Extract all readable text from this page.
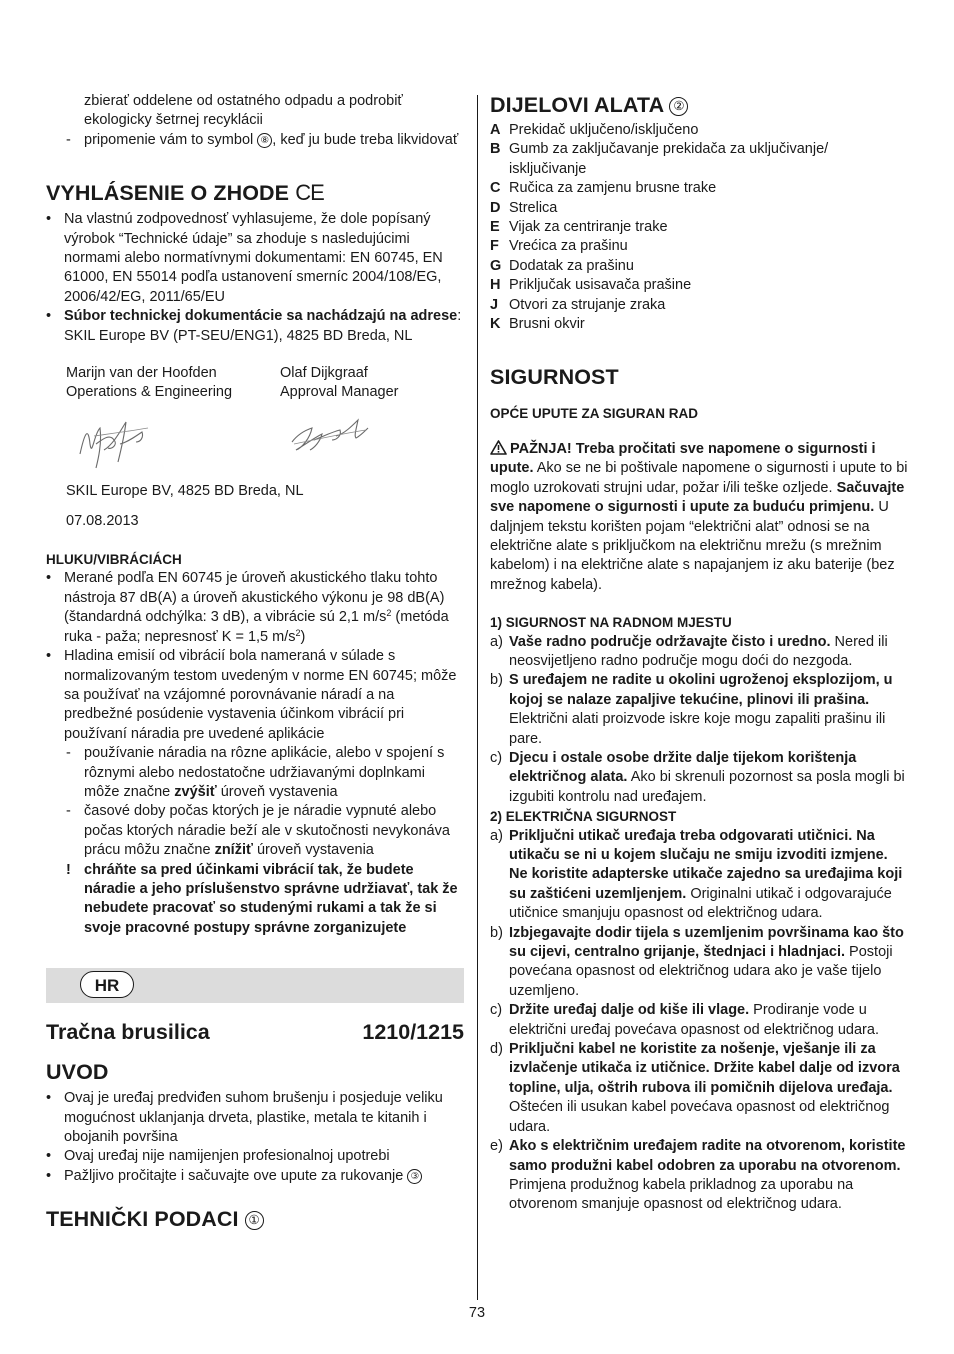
zbierať oddelene od ostatného odpadu a podrobiť ekologicky šetrnej recyklácii

- pripomenie vám to symbol ⑧ , keď ju bude treba likvidovať
VYHLÁSENIE O ZHODE CE
• Na vlastnú zodpovednosť vyhlasujeme, že dole popísaný výrobok “Technické údaje” sa zhoduje s nasledujúcimi normami alebo normatívnymi dokumentami: EN 60745, EN 61000, EN 55014 podľa ustanovení smerníc 2004/108/EG, 2006/42/EG, 2011/65/EU
• Súbor technickej dokumentácie sa nachádzajú na adrese: SKIL Europe BV (PT-SEU/ENG1), 4825 BD Breda, NL
Marijn van der Hoofden
Operations & Engineering
Olaf Dijkgraaf
Approval Manager
SKIL Europe BV, 4825 BD Breda, NL
07.08.2013
HLUKU/VIBRÁCIÁCH
• Merané podľa EN 60745 je úroveň akustického tlaku tohto nástroja 87 dB(A) a úroveň akustického výkonu je 98 dB(A) (štandardná odchýlka: 3 dB), a vibrácie sú 2,1 $m/s^2$ (metóda ruka - paža; nepresnosť K = 1,5 $m/s^2$)
• Hladina emisií od vibrácií bola nameraná v súlade s normalizovaným testom uvedeným v norme EN 60745; môže sa používať na vzájomné porovnávanie náradí a na predbežné posúdenie vystavenia účinkom vibrácií pri používaní náradia pre uvedené aplikácie
- používanie náradia na rôzne aplikácie, alebo v spojení s rôznymi alebo nedostatočne udržiavanými doplnkami môže značne zvýšiť úroveň vystavenia
- časové doby počas ktorých je je náradie vypnuté alebo počas ktorých náradie beží ale v skutočnosti nevykonáva prácu môžu značne znížiť úroveň vystavenia
! chráňte sa pred účinkami vibrácií tak, že budete náradie a jeho príslušenstvo správne udržiavať, tak že nebudete pracovať so studenými rukami a tak že si svoje pracovné postupy správne zorganizujete
HR
Tračna brusilica	1210/1215
UVOD
• Ovaj je uređaj predviđen suhom brušenju i posjeduje veliku mogućnost uklanjanja drveta, plastike, metala te kitanih i obojanih površina
• Ovaj uređaj nije namijenjen profesionalnoj upotrebi
• Pažljivo pročitajte i sačuvajte ove upute za rukovanje ③
TEHNIČKI PODACI ①
DIJELOVI ALATA ②
A Prekidač uključeno/isključeno
B Gumb za zaključavanje prekidača za uključivanje/ isključivanje
C Ručica za zamjenu brusne trake
D Strelica
E Vijak za centriranje trake
F Vrećica za prašinu
G Dodatak za prašinu
H Priključak usisavača prašine
J Otvori za strujanje zraka
K Brusni okvir
SIGURNOST
OPĆE UPUTE ZA SIGURAN RAD

PAŽNJA! Treba pročitati sve napomene o sigurnosti i upute. Ako se ne bi poštivale napomene o sigurnosti i upute to bi moglo uzrokovati strujni udar, požar i/ili teške ozljede. Sačuvajte sve napomene o sigurnosti i upute za buduću primjenu. U daljnjem tekstu korišten pojam “električni alat” odnosi se na električne alate s priključkom na električnu mrežu (s mrežnim kabelom) i na električne alate s napajanjem iz aku baterije (bez mrežnog kabela).

1) SIGURNOST NA RADNOM MJESTU
a) Vaše radno područje održavajte čisto i uredno. Nered ili neosvijetljeno radno područje mogu doći do nezgoda.
b) S uređajem ne radite u okolini ugroženoj eksplozijom, u kojoj se nalaze zapaljive tekućine, plinovi ili prašina. Električni alati proizvode iskre koje mogu zapaliti prašinu ili pare.
c) Djecu i ostale osobe držite dalje tijekom korištenja električnog alata. Ako bi skrenuli pozornost sa posla mogli bi izgubiti kontrolu nad uređajem.
2) ELEKTRIČNA SIGURNOST
a) Priključni utikač uređaja treba odgovarati utičnici. Na utikaču se ni u kojem slučaju ne smiju izvoditi izmjene. Ne koristite adapterske utikače zajedno sa uređajima koji su zaštićeni uzemljenjem. Originalni utikač i odgovarajuće utičnice smanjuju opasnost od električnog udara.
b) Izbjegavajte dodir tijela s uzemljenim površinama kao što su cijevi, centralno grijanje, štednjaci i hladnjaci. Postoji povećana opasnost od električnog udara ako je vaše tijelo uzemljeno.
c) Držite uređaj dalje od kiše ili vlage. Prodiranje vode u električni uređaj povećava opasnost od električnog udara.
d) Priključni kabel ne koristite za nošenje, vješanje ili za izvlačenje utikača iz utičnice. Držite kabel dalje od izvora topline, ulja, oštrih rubova ili pomičnih dijelova uređaja. Oštećen ili usukan kabel povećava opasnost od električnog udara.
e) Ako s električnim uređajem radite na otvorenom, koristite samo produžni kabel odobren za uporabu na otvorenom. Primjena produžnog kabela prikladnog za uporabu na otvorenom smanjuje opasnost od električnog udara.
73
